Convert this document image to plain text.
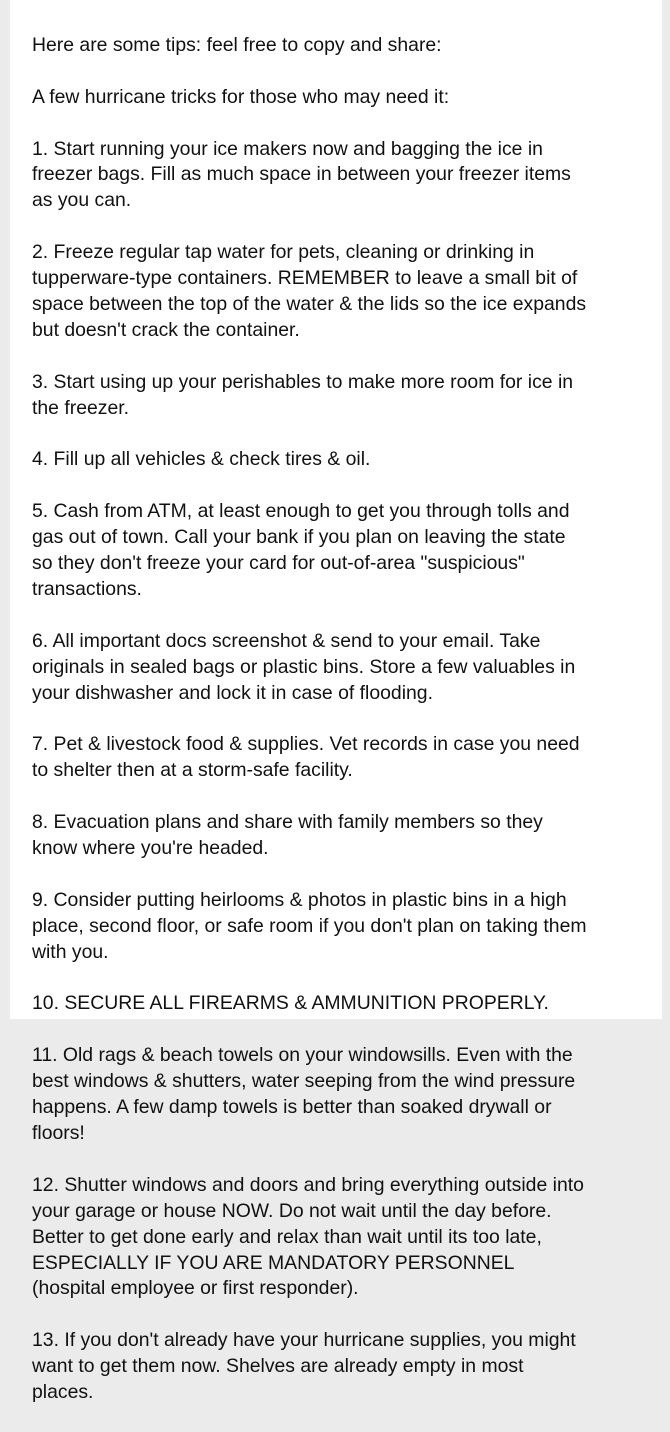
Here are some tips: feel free to copy and share:

A few hurricane tricks for those who may need it:

1. Start running your ice makers now and bagging the ice in
freezer bags. Fill as much space in between your freezer items
as you can.

2. Freeze regular tap water for pets, cleaning or drinking in
tupperware-type containers. REMEMBER to leave a small bit of
space between the top of the water & the lids so the ice expands
but doesn't crack the container.

3. Start using up your perishables to make more room for ice in
the freezer.

4. Fill up all vehicles & check tires & oil.

5. Cash from ATM, at least enough to get you through tolls and
gas out of town. Call your bank if you plan on leaving the state
so they don't freeze your card for out-of-area "suspicious"
transactions.

6. All important docs screenshot & send to your email. Take
originals in sealed bags or plastic bins. Store a few valuables in
your dishwasher and lock it in case of flooding.

7. Pet & livestock food & supplies. Vet records in case you need
to shelter then at a storm-safe facility.

8. Evacuation plans and share with family members so they
know where you're headed.

9. Consider putting heirlooms & photos in plastic bins in a high
place, second floor, or safe room if you don't plan on taking them
with you.

10. SECURE ALL FIREARMS & AMMUNITION PROPERLY.

11. Old rags & beach towels on your windowsills. Even with the
best windows & shutters, water seeping from the wind pressure
happens. A few damp towels is better than soaked drywall or
floors!

12. Shutter windows and doors and bring everything outside into
your garage or house NOW. Do not wait until the day before.
Better to get done early and relax than wait until its too late,
ESPECIALLY IF YOU ARE MANDATORY PERSONNEL
(hospital employee or first responder).

13. If you don't already have your hurricane supplies, you might
want to get them now. Shelves are already empty in most
places.
